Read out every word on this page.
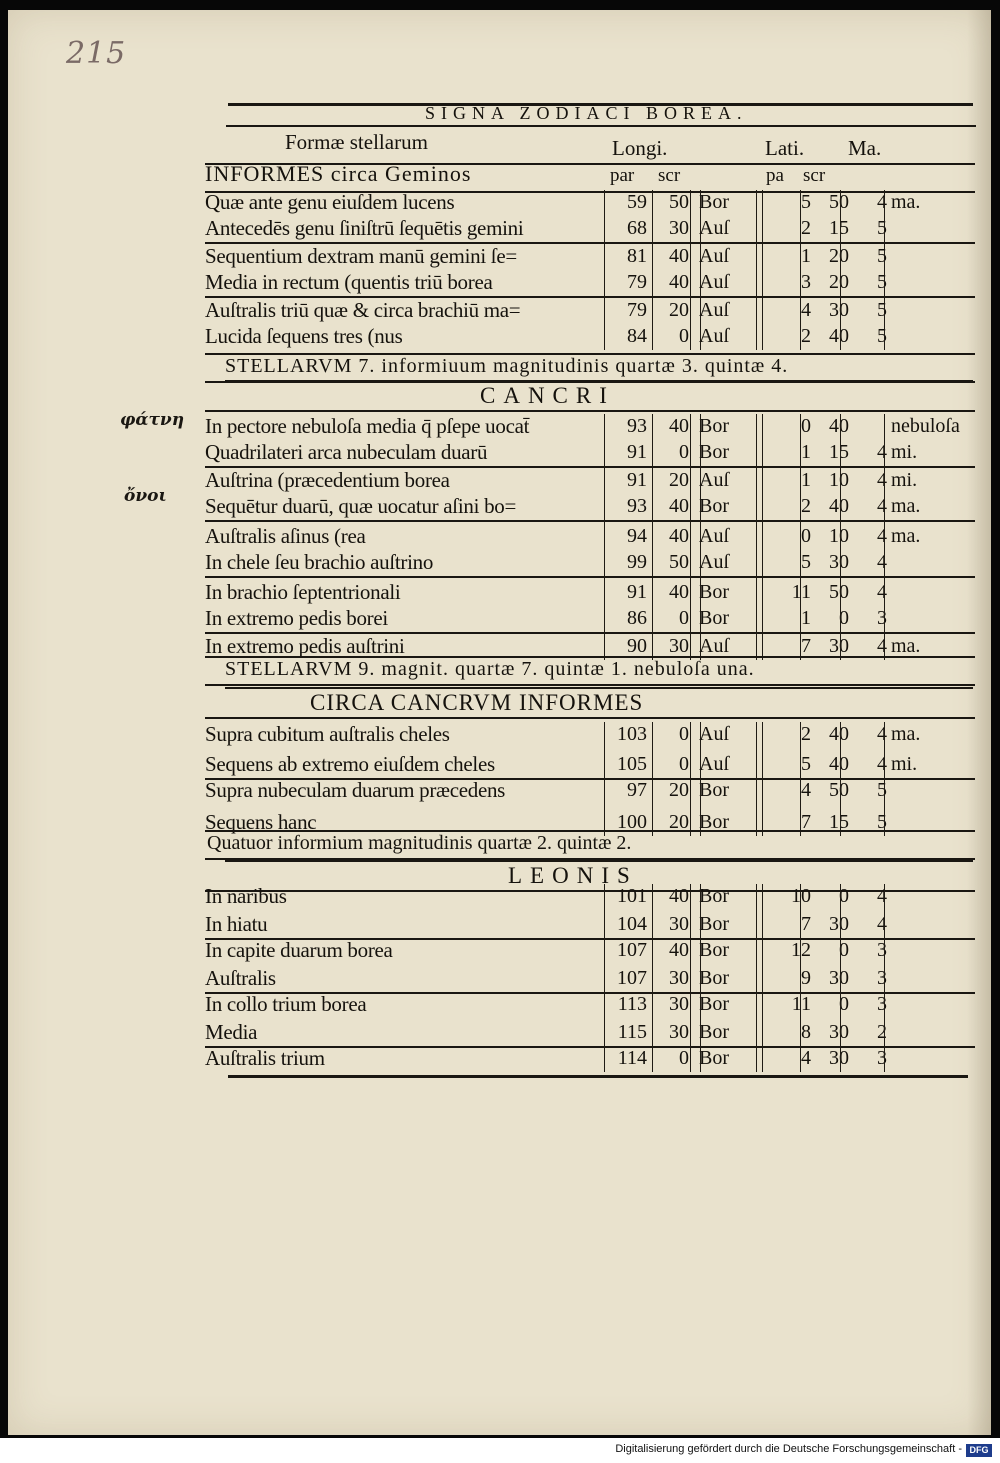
215
SIGNA ZODIACI BOREA.
Formæ stellarum	Longi.	Lati. Ma.
INFORMES circa Geminos	par scr	pa scr
Quæ ante genu eiuſdem lucens	59	50 Bor	5 50	4 ma.
Antecedēs genu ſiniſtrū ſequētis gemini	68	30 Auſ	2 15	5
Sequentium dextram manū gemini ſe=	81	40 Auſ	1 20	5
Media in rectum (quentis triū borea	79	40 Auſ	3 20	5
Auſtralis triū quæ & circa brachiū ma=	79	20 Auſ	4 30	5
Lucida ſequens tres (nus	84	0 Auſ	2 40	5
STELLARVM 7. informiuum magnitudinis quartæ 3. quintæ 4.
CANCRI
In pectore nebuloſa media q̄ pſepe uocat̄	93	40 Bor	0 40 nebuloſa
Quadrilateri arca nubeculam duarū	91	0 Bor	1 15	4 mi.
Auſtrina (præcedentium borea	91	20 Auſ	1 10	4 mi.
Sequētur duarū, quæ uocatur aſini bo=	93	40 Bor	2 40	4 ma.
Auſtralis aſinus (rea	94	40 Auſ	0 10	4 ma.
In chele ſeu brachio auſtrino	99	50 Auſ	5 30	4
In brachio ſeptentrionali	91	40 Bor	11 50	4
In extremo pedis borei	86	0 Bor	1	0	3
In extremo pedis auſtrini	90	30 Auſ	7 30	4 ma.
STELLARVM 9. magnit. quartæ 7. quintæ 1. nebuloſa una.
CIRCA CANCRVM INFORMES
Supra cubitum auſtralis cheles	103	0 Auſ	2 40	4 ma.
Sequens ab extremo eiuſdem cheles	105	0 Auſ	5 40	4 mi.
Supra nubeculam duarum præcedens	97	20 Bor	4 50	5
Sequens hanc	100	20 Bor	7 15	5
Quatuor informium magnitudinis quartæ 2. quintæ 2.
LEONIS
In naribus	101	40 Bor	10	0	4
In hiatu	104	30 Bor	7 30	4
In capite duarum borea	107	40 Bor	12	0	3
Auſtralis	107	30 Bor	9 30	3
In collo trium borea	113	30 Bor	11	0	3
Media	115	30 Bor	8 30	2
Auſtralis trium	114	0 Bor	4 30	3
φάτνη
ὄνοι
Digitalisierung gefördert durch die Deutsche Forschungsgemeinschaft - DFG
